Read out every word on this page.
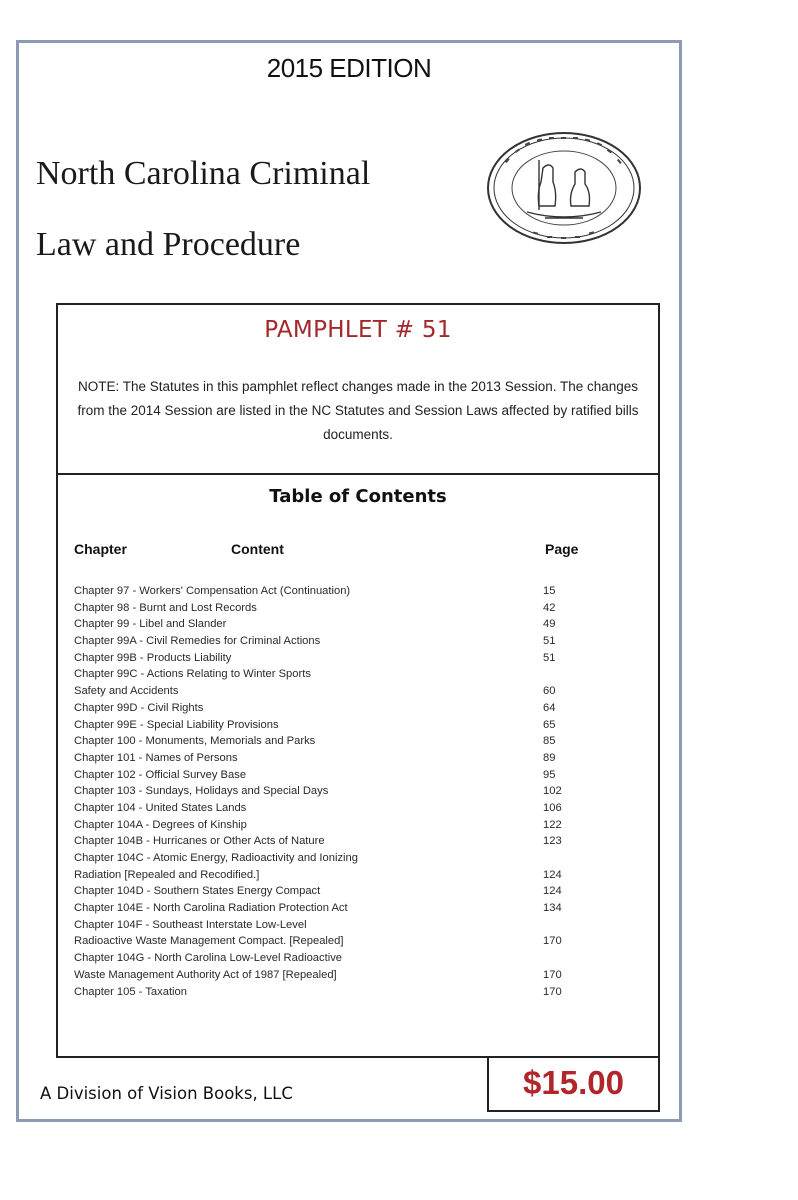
2015 EDITION
North Carolina Criminal
Law and Procedure
PAMPHLET # 51
NOTE: The Statutes in this pamphlet reflect changes made in the 2013 Session. The changes from the 2014 Session are listed in the NC Statutes and Session Laws affected by ratified bills documents.
Table of Contents
Chapter	Content	Page
Chapter 97 - Workers' Compensation Act (Continuation)	15
Chapter 98 - Burnt and Lost Records	42
Chapter 99 - Libel and Slander	49
Chapter 99A - Civil Remedies for Criminal Actions	51
Chapter 99B - Products Liability	51
Chapter 99C - Actions Relating to Winter Sports
Safety and Accidents	60
Chapter 99D - Civil Rights	64
Chapter 99E - Special Liability Provisions	65
Chapter 100 - Monuments, Memorials and Parks	85
Chapter 101 - Names of Persons	89
Chapter 102 - Official Survey Base	95
Chapter 103 - Sundays, Holidays and Special Days	102
Chapter 104 - United States Lands	106
Chapter 104A - Degrees of Kinship	122
Chapter 104B - Hurricanes or Other Acts of Nature	123
Chapter 104C - Atomic Energy, Radioactivity and Ionizing
Radiation [Repealed and Recodified.]	124
Chapter 104D - Southern States Energy Compact	124
Chapter 104E - North Carolina Radiation Protection Act	134
Chapter 104F - Southeast Interstate Low-Level
Radioactive Waste Management Compact. [Repealed]	170
Chapter 104G - North Carolina Low-Level Radioactive
Waste Management Authority Act of 1987 [Repealed]	170
Chapter 105 - Taxation	170
A Division of Vision Books, LLC	$15.00
